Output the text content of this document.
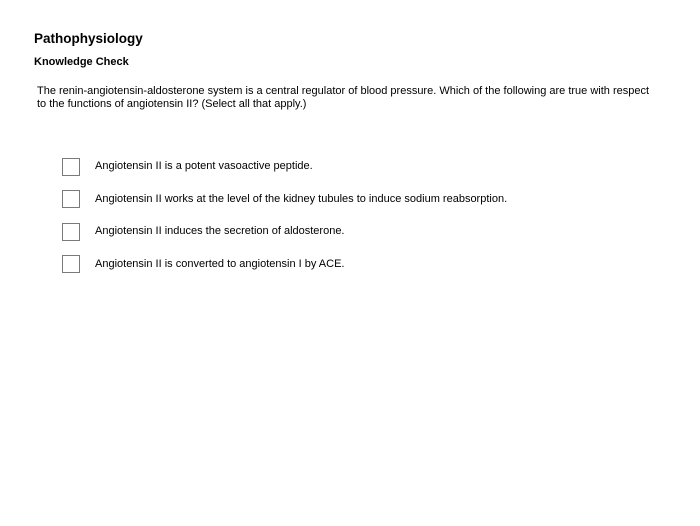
Pathophysiology
Knowledge Check
The renin-angiotensin-aldosterone system is a central regulator of blood pressure. Which of the following are true with respect to the functions of angiotensin II? (Select all that apply.)
Angiotensin II is a potent vasoactive peptide.
Angiotensin II works at the level of the kidney tubules to induce sodium reabsorption.
Angiotensin II induces the secretion of aldosterone.
Angiotensin II is converted to angiotensin I by ACE.
